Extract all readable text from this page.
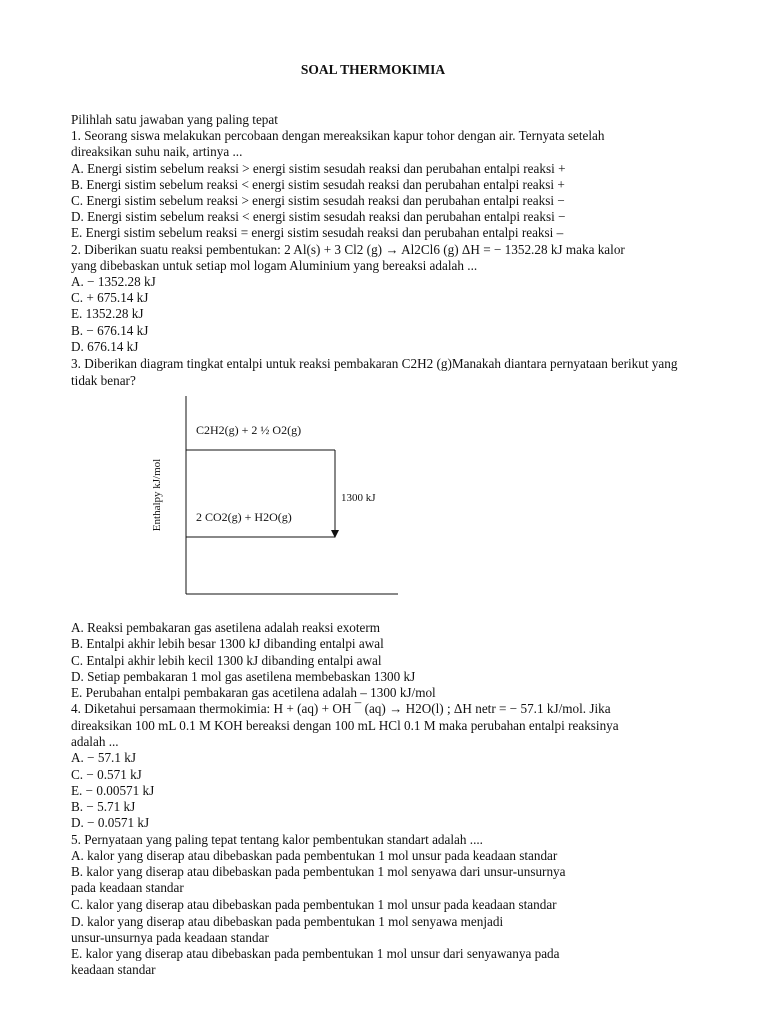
SOAL THERMOKIMIA
Pilihlah satu jawaban yang paling tepat
1. Seorang siswa melakukan percobaan dengan mereaksikan kapur tohor dengan air. Ternyata setelah
direaksikan suhu naik, artinya ...
A. Energi sistim sebelum reaksi > energi sistim sesudah reaksi dan perubahan entalpi reaksi +
B. Energi sistim sebelum reaksi < energi sistim sesudah reaksi dan perubahan entalpi reaksi +
C. Energi sistim sebelum reaksi > energi sistim sesudah reaksi dan perubahan entalpi reaksi −
D. Energi sistim sebelum reaksi < energi sistim sesudah reaksi dan perubahan entalpi reaksi −
E. Energi sistim sebelum reaksi = energi sistim sesudah reaksi dan perubahan entalpi reaksi –
2. Diberikan suatu reaksi pembentukan: 2 Al(s) + 3 Cl2 (g) → Al2Cl6 (g) ΔH = − 1352.28 kJ maka kalor
yang dibebaskan untuk setiap mol logam Aluminium yang bereaksi adalah ...
A. − 1352.28 kJ
C. + 675.14 kJ
E. 1352.28 kJ
B. − 676.14 kJ
D. 676.14 kJ
3. Diberikan diagram tingkat entalpi untuk reaksi pembakaran C2H2 (g)Manakah diantara pernyataan berikut yang
tidak benar?
Enthalpy kJ/mol
C2H2(g) + 2 ½ O2(g)
2 CO2(g) + H2O(g)
1300 kJ
A. Reaksi pembakaran gas asetilena adalah reaksi exoterm
B. Entalpi akhir lebih besar 1300 kJ dibanding entalpi awal
C. Entalpi akhir lebih kecil 1300 kJ dibanding entalpi awal
D. Setiap pembakaran 1 mol gas asetilena membebaskan 1300 kJ
E. Perubahan entalpi pembakaran gas acetilena adalah – 1300 kJ/mol
4. Diketahui persamaan thermokimia: H + (aq) + OH ¯ (aq) → H2O(l) ; ΔH netr = − 57.1 kJ/mol. Jika
direaksikan 100 mL 0.1 M KOH bereaksi dengan 100 mL HCl 0.1 M maka perubahan entalpi reaksinya
adalah ...
A. − 57.1 kJ
C. − 0.571 kJ
E. − 0.00571 kJ
B. − 5.71 kJ
D. − 0.0571 kJ
5. Pernyataan yang paling tepat tentang kalor pembentukan standart adalah ....
A. kalor yang diserap atau dibebaskan pada pembentukan 1 mol unsur pada keadaan standar
B. kalor yang diserap atau dibebaskan pada pembentukan 1 mol senyawa dari unsur-unsurnya
pada keadaan standar
C. kalor yang diserap atau dibebaskan pada pembentukan 1 mol unsur pada keadaan standar
D. kalor yang diserap atau dibebaskan pada pembentukan 1 mol senyawa menjadi
unsur-unsurnya pada keadaan standar
E. kalor yang diserap atau dibebaskan pada pembentukan 1 mol unsur dari senyawanya pada
keadaan standar
